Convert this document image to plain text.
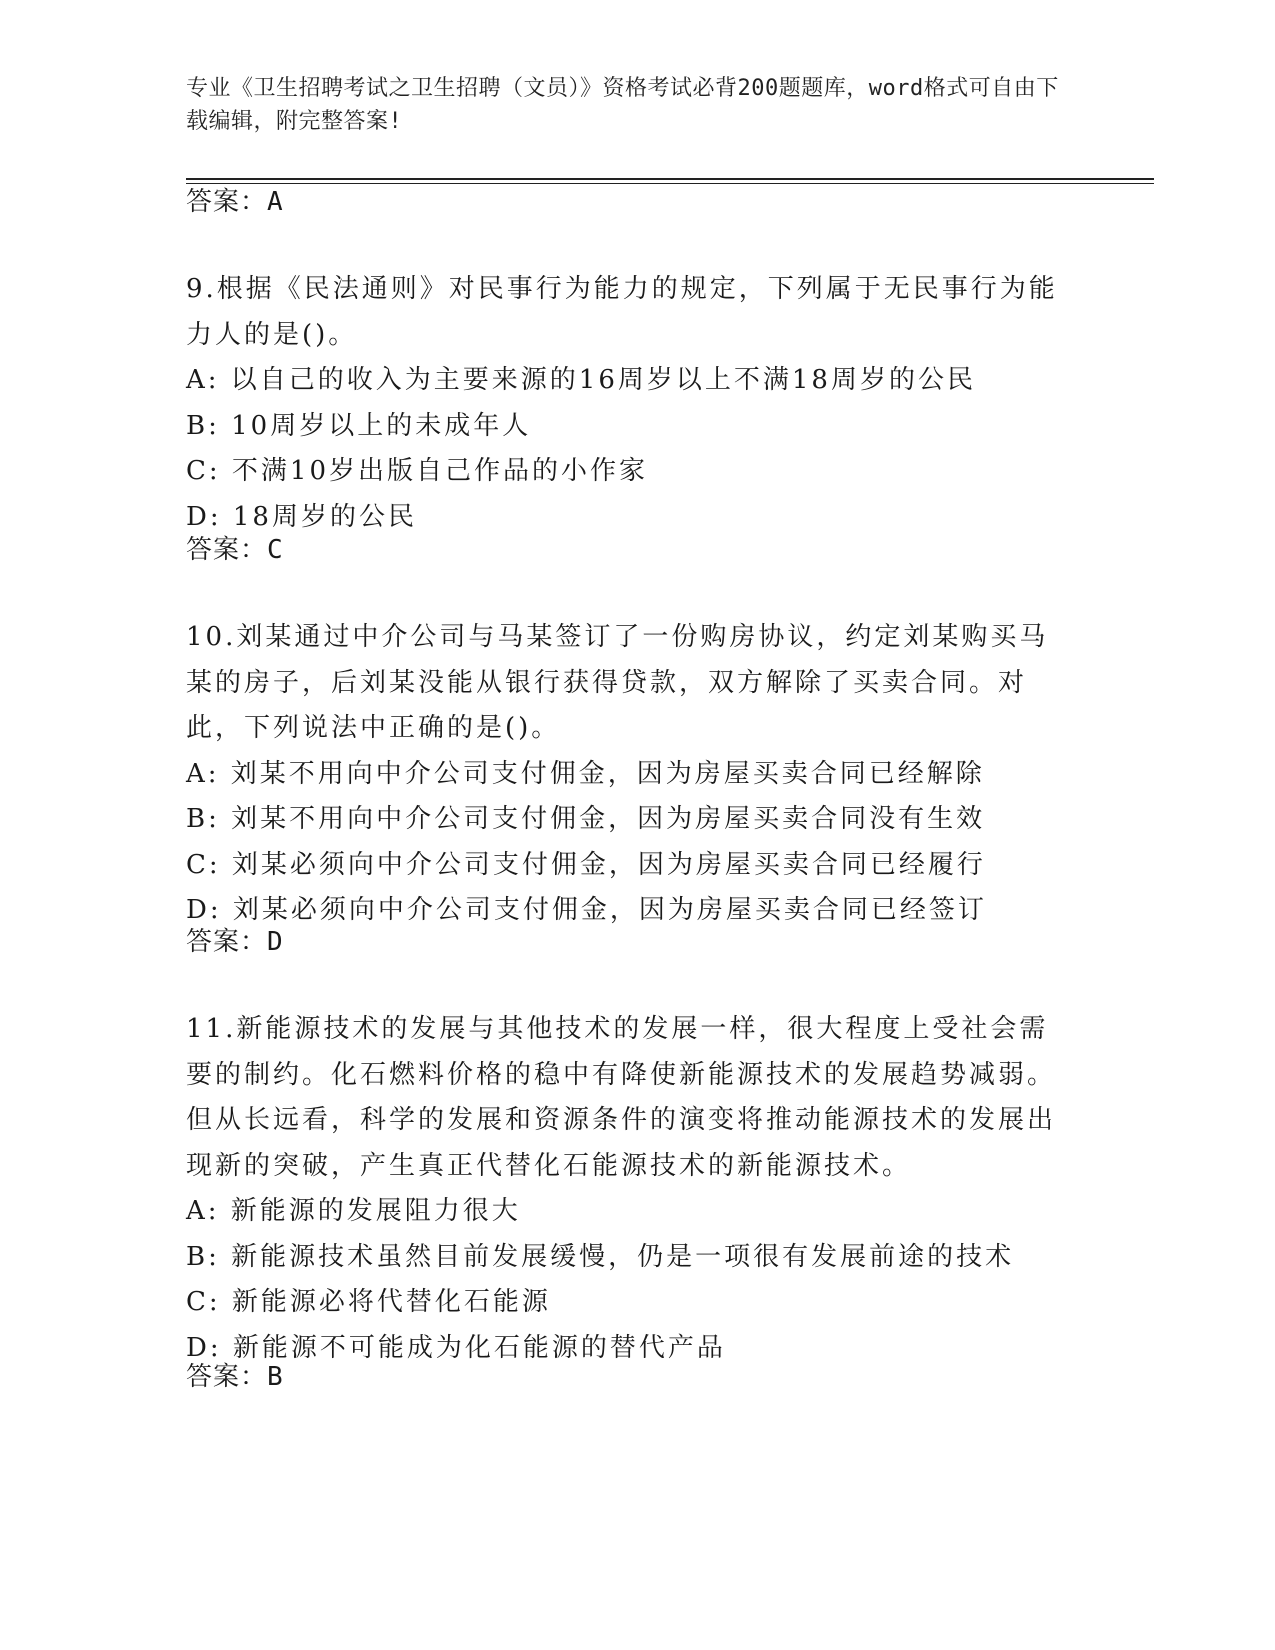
专业《卫生招聘考试之卫生招聘（文员）》资格考试必背200题题库，word格式可自由下载编辑，附完整答案!
答案：A

9.根据《民法通则》对民事行为能力的规定，下列属于无民事行为能力人的是()。

A: 以自己的收入为主要来源的16周岁以上不满18周岁的公民

B: 10周岁以上的未成年人

C: 不满10岁出版自己作品的小作家

D: 18周岁的公民

答案：C

10.刘某通过中介公司与马某签订了一份购房协议，约定刘某购买马某的房子，后刘某没能从银行获得贷款，双方解除了买卖合同。对此，下列说法中正确的是()。

A: 刘某不用向中介公司支付佣金，因为房屋买卖合同已经解除

B: 刘某不用向中介公司支付佣金，因为房屋买卖合同没有生效

C: 刘某必须向中介公司支付佣金，因为房屋买卖合同已经履行

D: 刘某必须向中介公司支付佣金，因为房屋买卖合同已经签订

答案：D

11.新能源技术的发展与其他技术的发展一样，很大程度上受社会需要的制约。化石燃料价格的稳中有降使新能源技术的发展趋势减弱。但从长远看，科学的发展和资源条件的演变将推动能源技术的发展出现新的突破，产生真正代替化石能源技术的新能源技术。

A: 新能源的发展阻力很大

B: 新能源技术虽然目前发展缓慢，仍是一项很有发展前途的技术

C: 新能源必将代替化石能源

D: 新能源不可能成为化石能源的替代产品

答案：B
